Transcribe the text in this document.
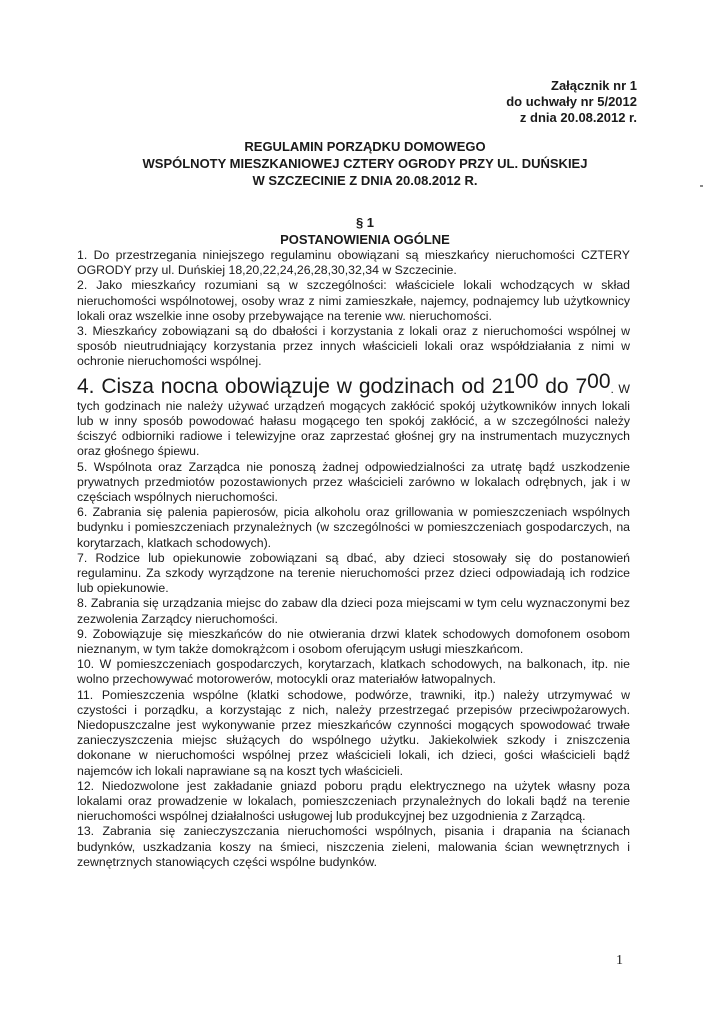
Załącznik nr 1
do uchwały nr 5/2012
z dnia 20.08.2012 r.
REGULAMIN PORZĄDKU DOMOWEGO
WSPÓLNOTY MIESZKANIOWEJ CZTERY OGRODY PRZY UL. DUŃSKIEJ
W SZCZECINIE Z DNIA 20.08.2012 R.
§ 1
POSTANOWIENIA OGÓLNE

1. Do przestrzegania niniejszego regulaminu obowiązani są mieszkańcy nieruchomości CZTERY OGRODY przy ul. Duńskiej 18,20,22,24,26,28,30,32,34 w Szczecinie.

2. Jako mieszkańcy rozumiani są w szczególności: właściciele lokali wchodzących w skład nieruchomości wspólnotowej, osoby wraz z nimi zamieszkałe, najemcy, podnajemcy lub użytkownicy lokali oraz wszelkie inne osoby przebywające na terenie ww. nieruchomości.

3. Mieszkańcy zobowiązani są do dbałości i korzystania z lokali oraz z nieruchomości wspólnej w sposób nieutrudniający korzystania przez innych właścicieli lokali oraz współdziałania z nimi w ochronie nieruchomości wspólnej.

4. Cisza nocna obowiązuje w godzinach od $21^{00}$ do $7^{00}$. W tych godzinach nie należy używać urządzeń mogących zakłócić spokój użytkowników innych lokali lub w inny sposób powodować hałasu mogącego ten spokój zakłócić, a w szczególności należy ściszyć odbiorniki radiowe i telewizyjne oraz zaprzestać głośnej gry na instrumentach muzycznych oraz głośnego śpiewu.

5. Wspólnota oraz Zarządca nie ponoszą żadnej odpowiedzialności za utratę bądź uszkodzenie prywatnych przedmiotów pozostawionych przez właścicieli zarówno w lokalach odrębnych, jak i w częściach wspólnych nieruchomości.

6. Zabrania się palenia papierosów, picia alkoholu oraz grillowania w pomieszczeniach wspólnych budynku i pomieszczeniach przynależnych (w szczególności w pomieszczeniach gospodarczych, na korytarzach, klatkach schodowych).

7. Rodzice lub opiekunowie zobowiązani są dbać, aby dzieci stosowały się do postanowień regulaminu. Za szkody wyrządzone na terenie nieruchomości przez dzieci odpowiadają ich rodzice lub opiekunowie.

8. Zabrania się urządzania miejsc do zabaw dla dzieci poza miejscami w tym celu wyznaczonymi bez zezwolenia Zarządcy nieruchomości.

9. Zobowiązuje się mieszkańców do nie otwierania drzwi klatek schodowych domofonem osobom nieznanym, w tym także domokrążcom i osobom oferującym usługi mieszkańcom.

10. W pomieszczeniach gospodarczych, korytarzach, klatkach schodowych, na balkonach, itp. nie wolno przechowywać motorowerów, motocykli oraz materiałów łatwopalnych.

11. Pomieszczenia wspólne (klatki schodowe, podwórze, trawniki, itp.) należy utrzymywać w czystości i porządku, a korzystając z nich, należy przestrzegać przepisów przeciwpożarowych. Niedopuszczalne jest wykonywanie przez mieszkańców czynności mogących spowodować trwałe zanieczyszczenia miejsc służących do wspólnego użytku. Jakiekolwiek szkody i zniszczenia dokonane w nieruchomości wspólnej przez właścicieli lokali, ich dzieci, gości właścicieli bądź najemców ich lokali naprawiane są na koszt tych właścicieli.

12. Niedozwolone jest zakładanie gniazd poboru prądu elektrycznego na użytek własny poza lokalami oraz prowadzenie w lokalach, pomieszczeniach przynależnych do lokali bądź na terenie nieruchomości wspólnej działalności usługowej lub produkcyjnej bez uzgodnienia z Zarządcą.

13. Zabrania się zanieczyszczania nieruchomości wspólnych, pisania i drapania na ścianach budynków, uszkadzania koszy na śmieci, niszczenia zieleni, malowania ścian wewnętrznych i zewnętrznych stanowiących części wspólne budynków.

1
